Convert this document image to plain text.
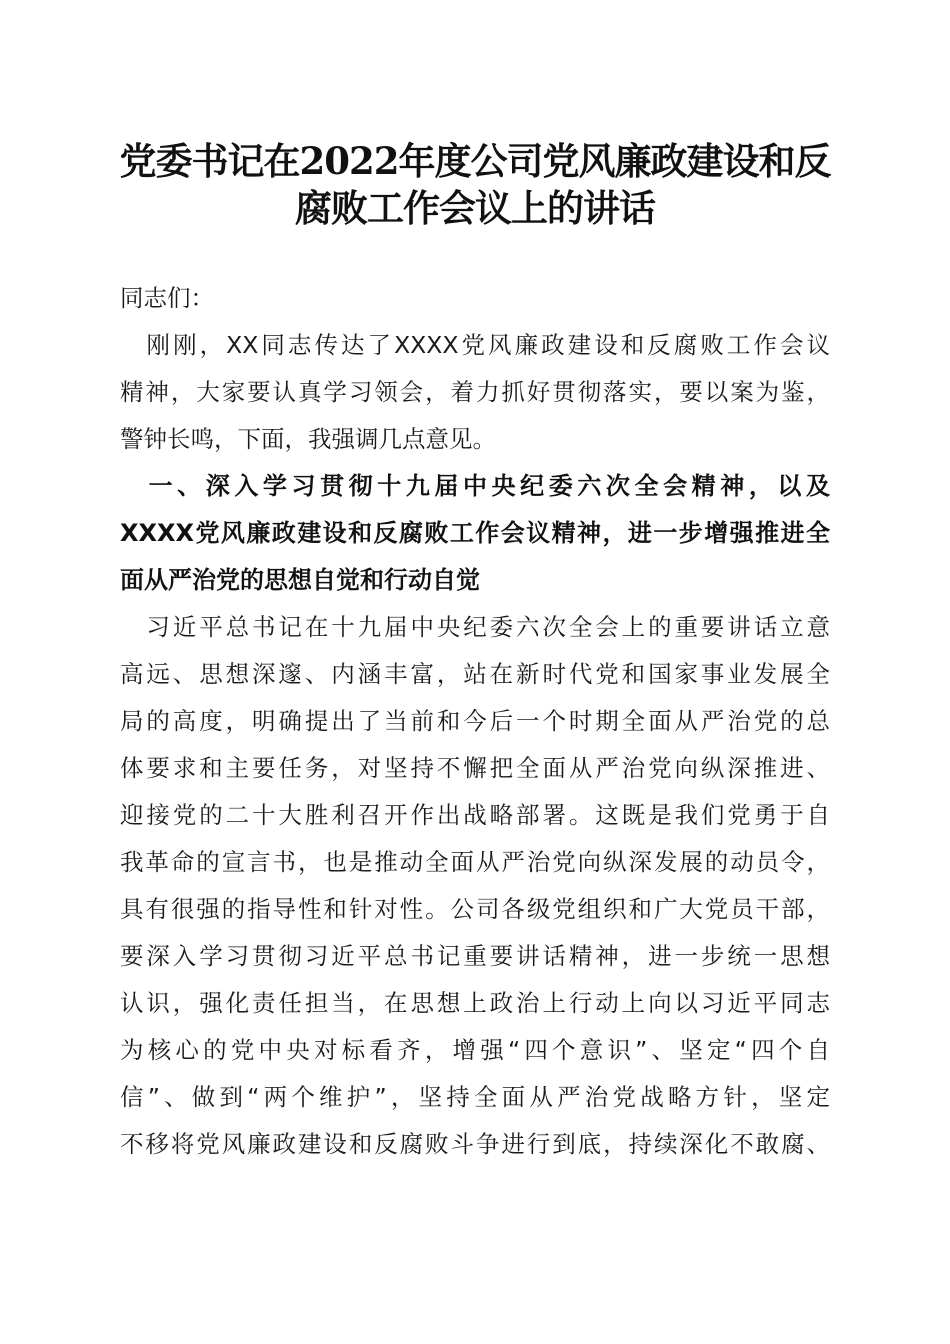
党委书记在2022年度公司党风廉政建设和反
腐败工作会议上的讲话

同志们：

　刚刚，XX同志传达了XXXX党风廉政建设和反腐败工作会议

精神，大家要认真学习领会，着力抓好贯彻落实，要以案为鉴，

警钟长鸣，下面，我强调几点意见。

　一、深入学习贯彻十九届中央纪委六次全会精神，以及

XXXX党风廉政建设和反腐败工作会议精神，进一步增强推进全

面从严治党的思想自觉和行动自觉

　习近平总书记在十九届中央纪委六次全会上的重要讲话立意

高远、思想深邃、内涵丰富，站在新时代党和国家事业发展全

局的高度，明确提出了当前和今后一个时期全面从严治党的总

体要求和主要任务，对坚持不懈把全面从严治党向纵深推进、

迎接党的二十大胜利召开作出战略部署。这既是我们党勇于自

我革命的宣言书，也是推动全面从严治党向纵深发展的动员令，

具有很强的指导性和针对性。公司各级党组织和广大党员干部，

要深入学习贯彻习近平总书记重要讲话精神，进一步统一思想

认识，强化责任担当，在思想上政治上行动上向以习近平同志

为核心的党中央对标看齐，增强“四个意识”、坚定“四个自

信”、做到“两个维护”，坚持全面从严治党战略方针，坚定

不移将党风廉政建设和反腐败斗争进行到底，持续深化不敢腐、
